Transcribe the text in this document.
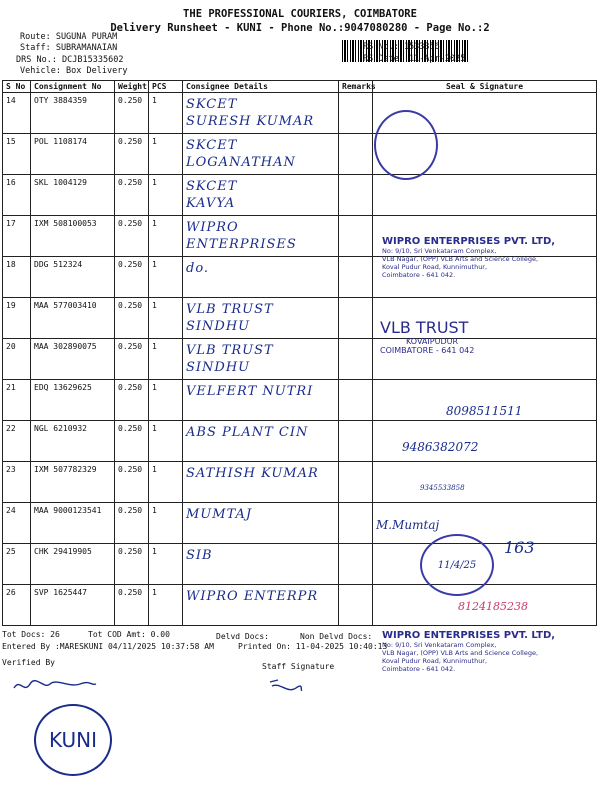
THE PROFESSIONAL COURIERS, COIMBATORE
Delivery Runsheet - KUNI - Phone No.:9047080280 - Page No.:2
Route: SUGUNA PURAM
Staff: SUBRAMANAIAN
DRS No.: DCJB15335602
Vehicle: Box Delivery
RS No.: 1533356
RS Date: 11-Apr-2025
S No	Consignment No	Weight	PCS	Consignee Details	Remarks	Seal & Signature
14	OTY 3884359	0.250	1	SKCET
SURESH KUMAR		

15	POL 1108174	0.250	1	SKCET
LOGANATHAN		

16	SKL 1004129	0.250	1	SKCET
KAVYA		

17	IXM 508100053	0.250	1	WIPRO ENTERPRISES		

18	DDG 512324	0.250	1	do.		

19	MAA 577003410	0.250	1	VLB TRUST
SINDHU		

20	MAA 302890075	0.250	1	VLB TRUST
SINDHU		

21	EDQ 13629625	0.250	1	VELFERT NUTRI		

22	NGL 6210932	0.250	1	ABS PLANT CIN		

23	IXM 507782329	0.250	1	SATHISH KUMAR		

24	MAA 9000123541	0.250	1	MUMTAJ		

25	CHK 29419905	0.250	1	SIB		

26	SVP 1625447	0.250	1	WIPRO ENTERPR		

WIPRO ENTERPRISES PVT. LTD,
No: 9/10, Sri Venkataram Complex,
VLB Nagar, (OPP) VLB Arts and Science College,
Koval Pudur Road, Kunnimuthur,
Coimbatore - 641 042.
VLB TRUST
KOVAIPUDUR
COIMBATORE - 641 042
8098511511
9486382072
9345533858
M.Mumtaj
11/4/25
163
8124185238
WIPRO ENTERPRISES PVT. LTD,
No: 9/10, Sri Venkataram Complex,
VLB Nagar, (OPP) VLB Arts and Science College,
Koval Pudur Road, Kunnimuthur,
Coimbatore - 641 042.
Tot Docs: 26	Tot COD Amt: 0.00	Delvd Docs:	Non Delvd Docs:
Entered By :MARESKUNI 04/11/2025 10:37:58 AM	Printed On: 11-04-2025 10:40:13
Verified By	Staff Signature
KUNI
